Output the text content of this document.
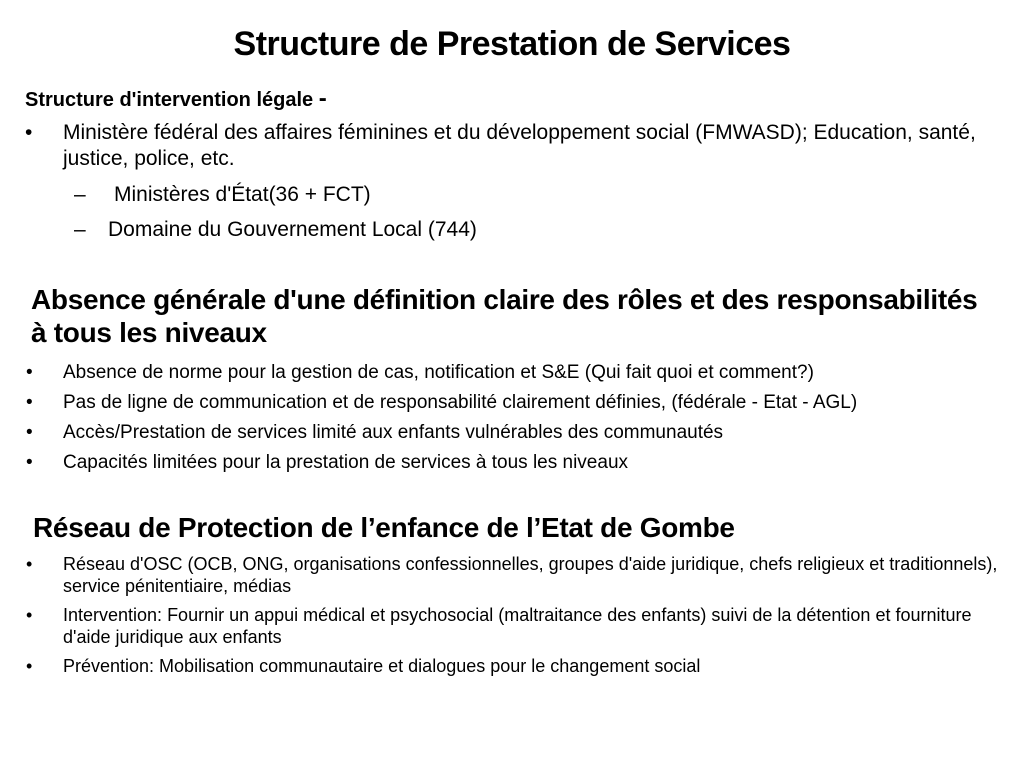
Structure de Prestation de Services
Structure d'intervention légale -
• Ministère fédéral des affaires féminines et du développement social (FMWASD); Education, santé, justice, police, etc.
– Ministères d'État(36 + FCT)
– Domaine du Gouvernement Local (744)
Absence générale d'une définition claire des rôles et des responsabilités à tous les niveaux
• Absence de norme pour la gestion de cas, notification et S&E (Qui fait quoi et comment?)
• Pas de ligne de communication et de responsabilité clairement définies, (fédérale - Etat - AGL)
• Accès/Prestation de services limité aux enfants vulnérables des communautés
• Capacités limitées pour la prestation de services à tous les niveaux
Réseau de Protection de l’enfance de l’Etat de Gombe
• Réseau d'OSC (OCB, ONG, organisations confessionnelles, groupes d'aide juridique, chefs religieux et traditionnels), service pénitentiaire, médias
• Intervention: Fournir un appui médical et psychosocial (maltraitance des enfants) suivi de la détention et fourniture d'aide juridique aux enfants
• Prévention: Mobilisation communautaire et dialogues pour le changement social
